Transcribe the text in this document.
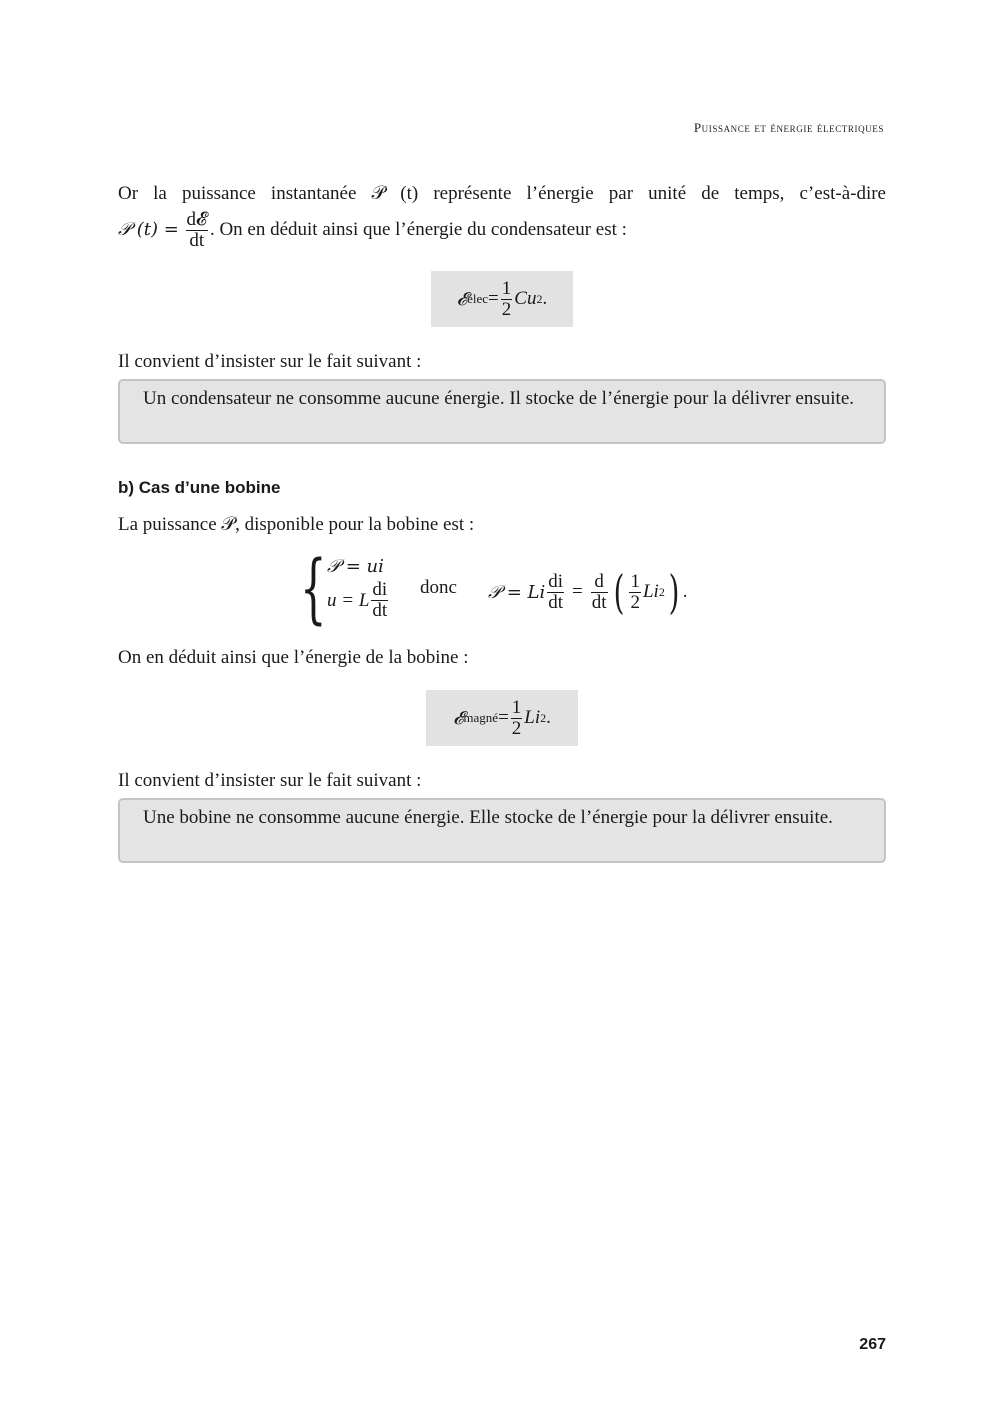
Puissance et énergie électriques
Or la puissance instantanée 𝒫 (t) représente l’énergie par unité de temps, c’est-à-dire
𝒫 $(t) = \frac{\text{d𝓔}}{dt}$ . On en déduit ainsi que l’énergie du condensateur est :
𝓔 élec = $\frac{1}{2}$ Cu 2 .
Il convient d’insister sur le fait suivant :
Un condensateur ne consomme aucune énergie. Il stocke de l’énergie pour la délivrer ensuite.
b) Cas d’une bobine
La puissance 𝒫, disponible pour la bobine est :
{ 𝒫 = ui
u = L $\frac{di}{dt}$ donc 𝒫 = Li $\frac{di}{dt} = \frac{d}{dt}$ ( $\frac{1}{2}$ Li 2 ) .
On en déduit ainsi que l’énergie de la bobine :
𝓔 magné = $\frac{1}{2}$ Li 2 .
Il convient d’insister sur le fait suivant :
Une bobine ne consomme aucune énergie. Elle stocke de l’énergie pour la délivrer ensuite.
267
